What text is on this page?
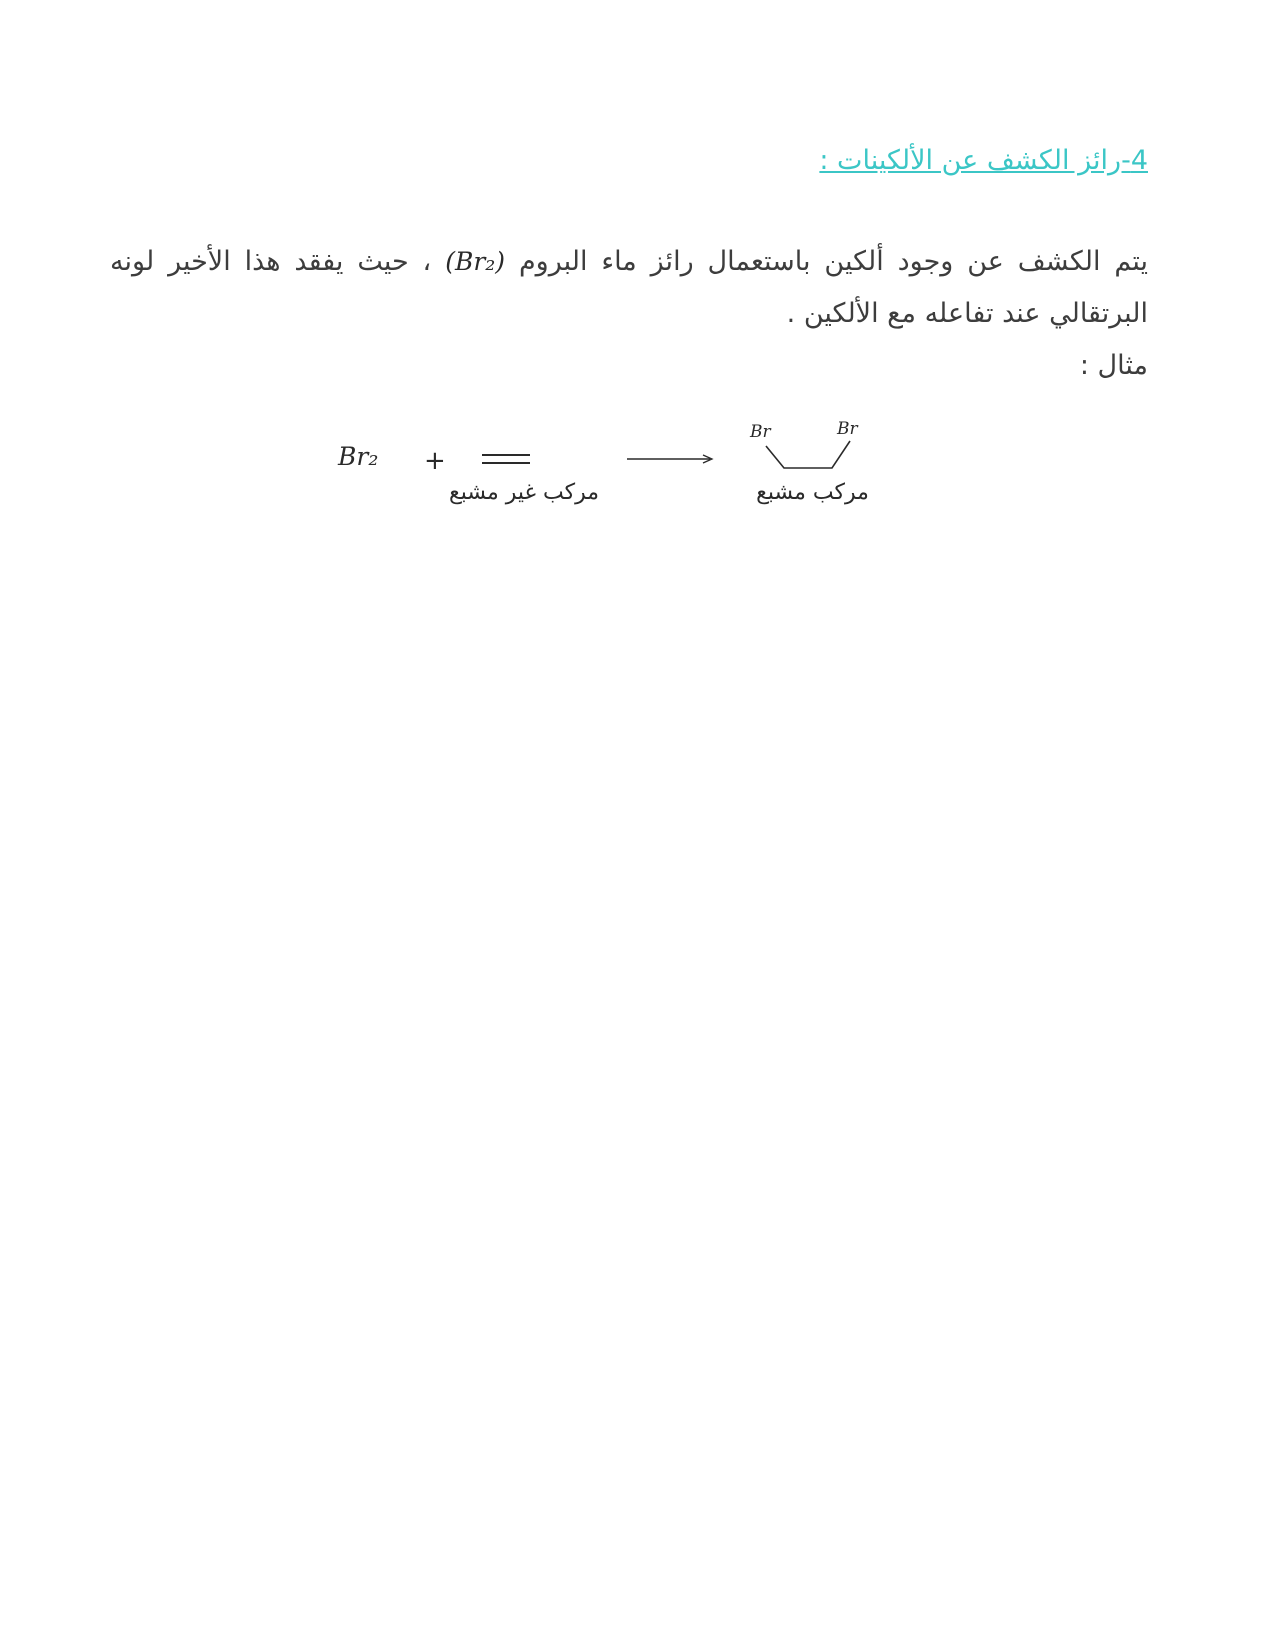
4-رائز الكشف عن الألكينات :

يتم الكشف عن وجود ألكين باستعمال رائز ماء البروم (Br₂) ، حيث يفقد هذا الأخير لونه البرتقالي عند تفاعله مع الألكين .

مثال :

Br₂ +
مركب غير مشبع
Br	Br
مركب مشبع
